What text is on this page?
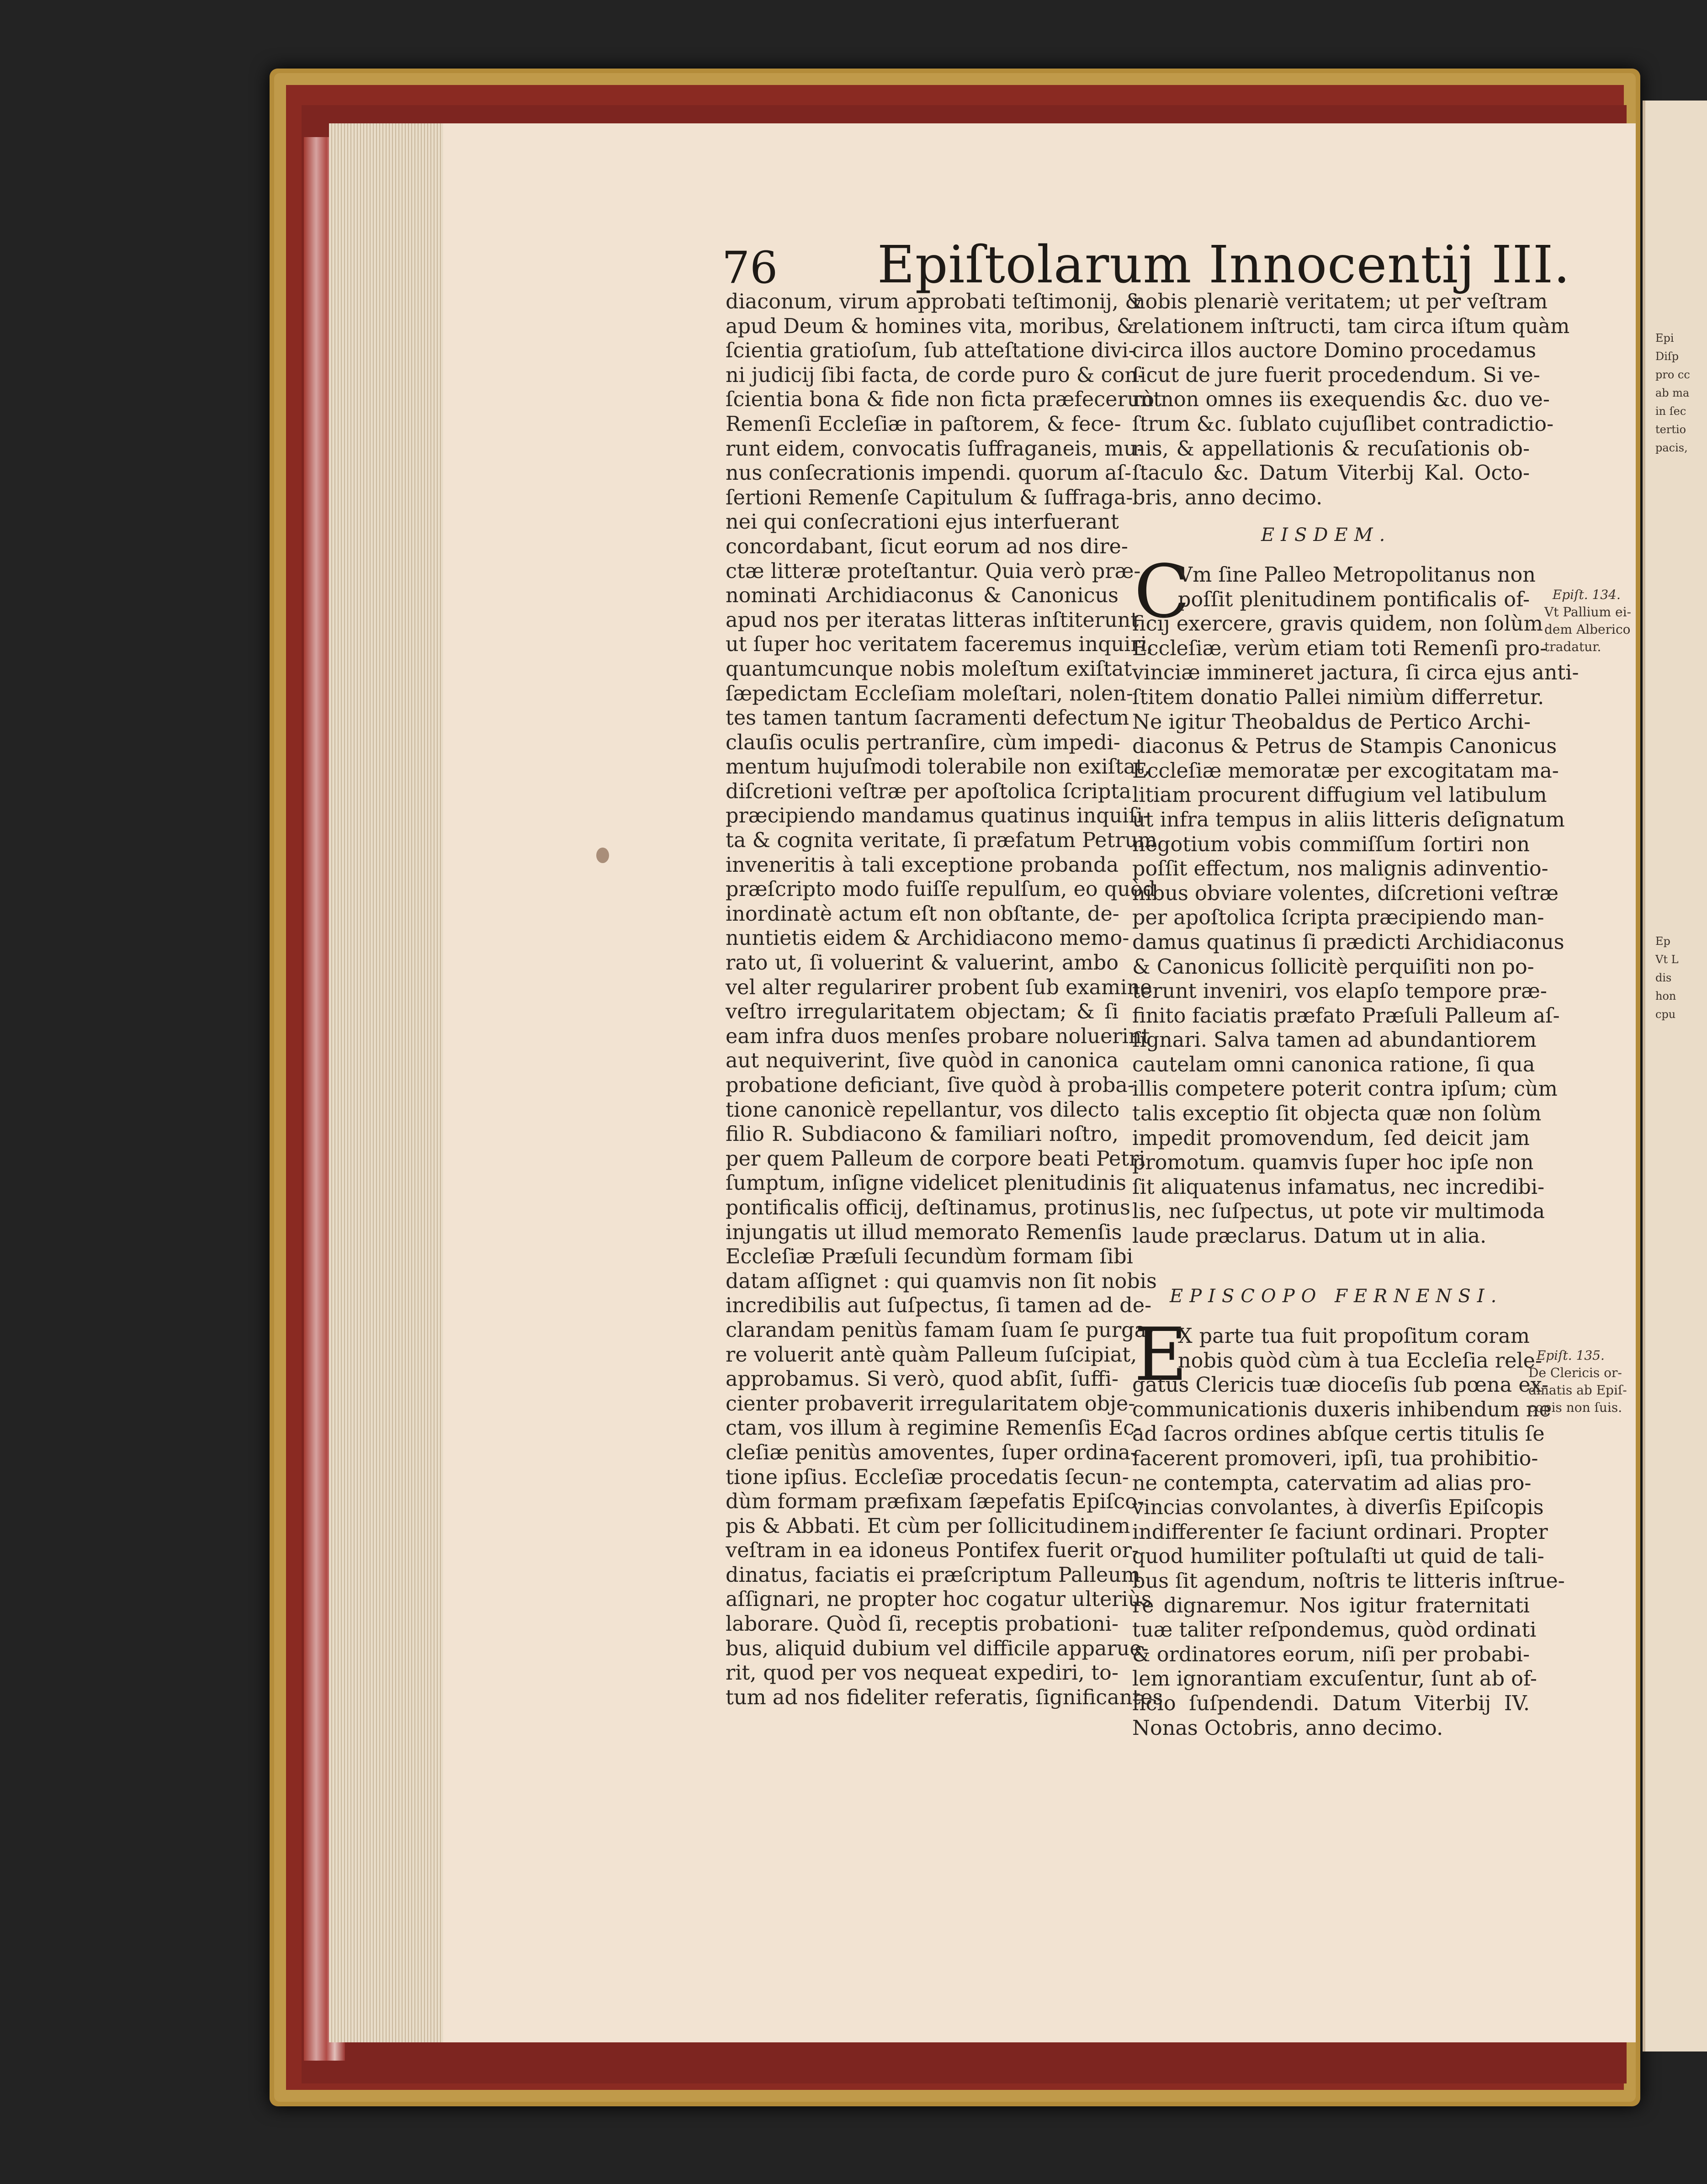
Epi
Diſp
pro cc
ab ma
in ſec
tertio
pacis,
Ep
Vt L
dis
hon
cpu
76 Epiſtolarum Innocentij III.
diaconum, virum approbati teſtimonij, &
apud Deum & homines vita, moribus, &
ſcientia gratioſum, ſub atteſtatione divi-
ni judicij ſibi facta, de corde puro & con-
ſcientia bona & fide non ficta præfecerunt
Remenſi Eccleſiæ in paſtorem, & fece-
runt eidem, convocatis ſuffraganeis, mu-
nus conſecrationis impendi. quorum aſ-
ſertioni Remenſe Capitulum & ſuffraga-
nei qui conſecrationi ejus interfuerant
concordabant, ſicut eorum ad nos dire-
ctæ litteræ proteſtantur. Quia verò præ-
nominati Archidiaconus & Canonicus
apud nos per iteratas litteras inſtiterunt
ut ſuper hoc veritatem faceremus inquiri,
quantumcunque nobis moleſtum exiſtat
ſæpedictam Eccleſiam moleſtari, nolen-
tes tamen tantum ſacramenti defectum
clauſis oculis pertranſire, cùm impedi-
mentum hujuſmodi tolerabile non exiſtat,
diſcretioni veſtræ per apoſtolica ſcripta
præcipiendo mandamus quatinus inquiſi-
ta & cognita veritate, ſi præfatum Petrum
inveneritis à tali exceptione probanda
præſcripto modo fuiſſe repulſum, eo quòd
inordinatè actum eſt non obſtante, de-
nuntietis eidem & Archidiacono memo-
rato ut, ſi voluerint & valuerint, ambo
vel alter regularirer probent ſub examine
veſtro irregularitatem objectam; & ſi
eam infra duos menſes probare noluerint
aut nequiverint, ſive quòd in canonica
probatione deficiant, ſive quòd à proba-
tione canonicè repellantur, vos dilecto
filio R. Subdiacono & familiari noſtro,
per quem Palleum de corpore beati Petri
ſumptum, inſigne videlicet plenitudinis
pontificalis officij, deſtinamus, protinus
injungatis ut illud memorato Remenſis
Eccleſiæ Præſuli ſecundùm formam ſibi
datam aſſignet : qui quamvis non ſit nobis
incredibilis aut ſuſpectus, ſi tamen ad de-
clarandam penitùs famam ſuam ſe purga-
re voluerit antè quàm Palleum ſuſcipiat,
approbamus. Si verò, quod abſit, ſuffi-
cienter probaverit irregularitatem obje-
ctam, vos illum à regimine Remenſis Ec-
cleſiæ penitùs amoventes, ſuper ordina-
tione ipſius. Eccleſiæ procedatis ſecun-
dùm formam præfixam ſæpefatis Epiſco-
pis & Abbati. Et cùm per ſollicitudinem
veſtram in ea idoneus Pontifex fuerit or-
dinatus, faciatis ei præſcriptum Palleum
aſſignari, ne propter hoc cogatur ulteriùs
laborare. Quòd ſi, receptis probationi-
bus, aliquid dubium vel difficile apparue-
rit, quod per vos nequeat expediri, to-
tum ad nos fideliter referatis, ſignificantes
nobis plenariè veritatem; ut per veſtram
relationem inſtructi, tam circa iſtum quàm
circa illos auctore Domino procedamus
ſicut de jure fuerit procedendum. Si ve-
rò non omnes iis exequendis &c. duo ve-
ſtrum &c. ſublato cujuſlibet contradictio-
nis, & appellationis & recuſationis ob-
ſtaculo &c. Datum Viterbij Kal. Octo-
bris, anno decimo.
EISDEM.
C
Vm ſine Palleo Metropolitanus non
poſſit plenitudinem pontificalis of-
ficij exercere, gravis quidem, non ſolùm
Eccleſiæ, verùm etiam toti Remenſi pro-
vinciæ immineret jactura, ſi circa ejus anti-
ſtitem donatio Pallei nimiùm differretur.
Ne igitur Theobaldus de Pertico Archi-
diaconus & Petrus de Stampis Canonicus
Eccleſiæ memoratæ per excogitatam ma-
litiam procurent diffugium vel latibulum
ut infra tempus in aliis litteris deſignatum
negotium vobis commiſſum ſortiri non
poſſit effectum, nos malignis adinventio-
nibus obviare volentes, diſcretioni veſtræ
per apoſtolica ſcripta præcipiendo man-
damus quatinus ſi prædicti Archidiaconus
& Canonicus ſollicitè perquiſiti non po-
terunt inveniri, vos elapſo tempore præ-
finito faciatis præfato Præſuli Palleum aſ-
ſignari. Salva tamen ad abundantiorem
cautelam omni canonica ratione, ſi qua
illis competere poterit contra ipſum; cùm
talis exceptio ſit objecta quæ non ſolùm
impedit promovendum, ſed deicit jam
promotum. quamvis ſuper hoc ipſe non
ſit aliquatenus infamatus, nec incredibi-
lis, nec ſuſpectus, ut pote vir multimoda
laude præclarus. Datum ut in alia.
EPISCOPO FERNENSI.
E
X parte tua fuit propoſitum coram
nobis quòd cùm à tua Eccleſia rele-
gatus Clericis tuæ dioceſis ſub pœna ex-
communicationis duxeris inhibendum ne
ad ſacros ordines abſque certis titulis ſe
facerent promoveri, ipſi, tua prohibitio-
ne contempta, catervatim ad alias pro-
vincias convolantes, à diverſis Epiſcopis
indifferenter ſe faciunt ordinari. Propter
quod humiliter poſtulaſti ut quid de tali-
bus ſit agendum, noſtris te litteris inſtrue-
re dignaremur. Nos igitur fraternitati
tuæ taliter reſpondemus, quòd ordinati
& ordinatores eorum, niſi per probabi-
lem ignorantiam excuſentur, ſunt ab of-
ficio ſuſpendendi. Datum Viterbij IV.
Nonas Octobris, anno decimo.

Epiſt. 134.
Vt Pallium ei-
dem Alberico
tradatur.

Epiſt. 135.
De Clericis or-
dinatis ab Epiſ-
copis non ſuis.
